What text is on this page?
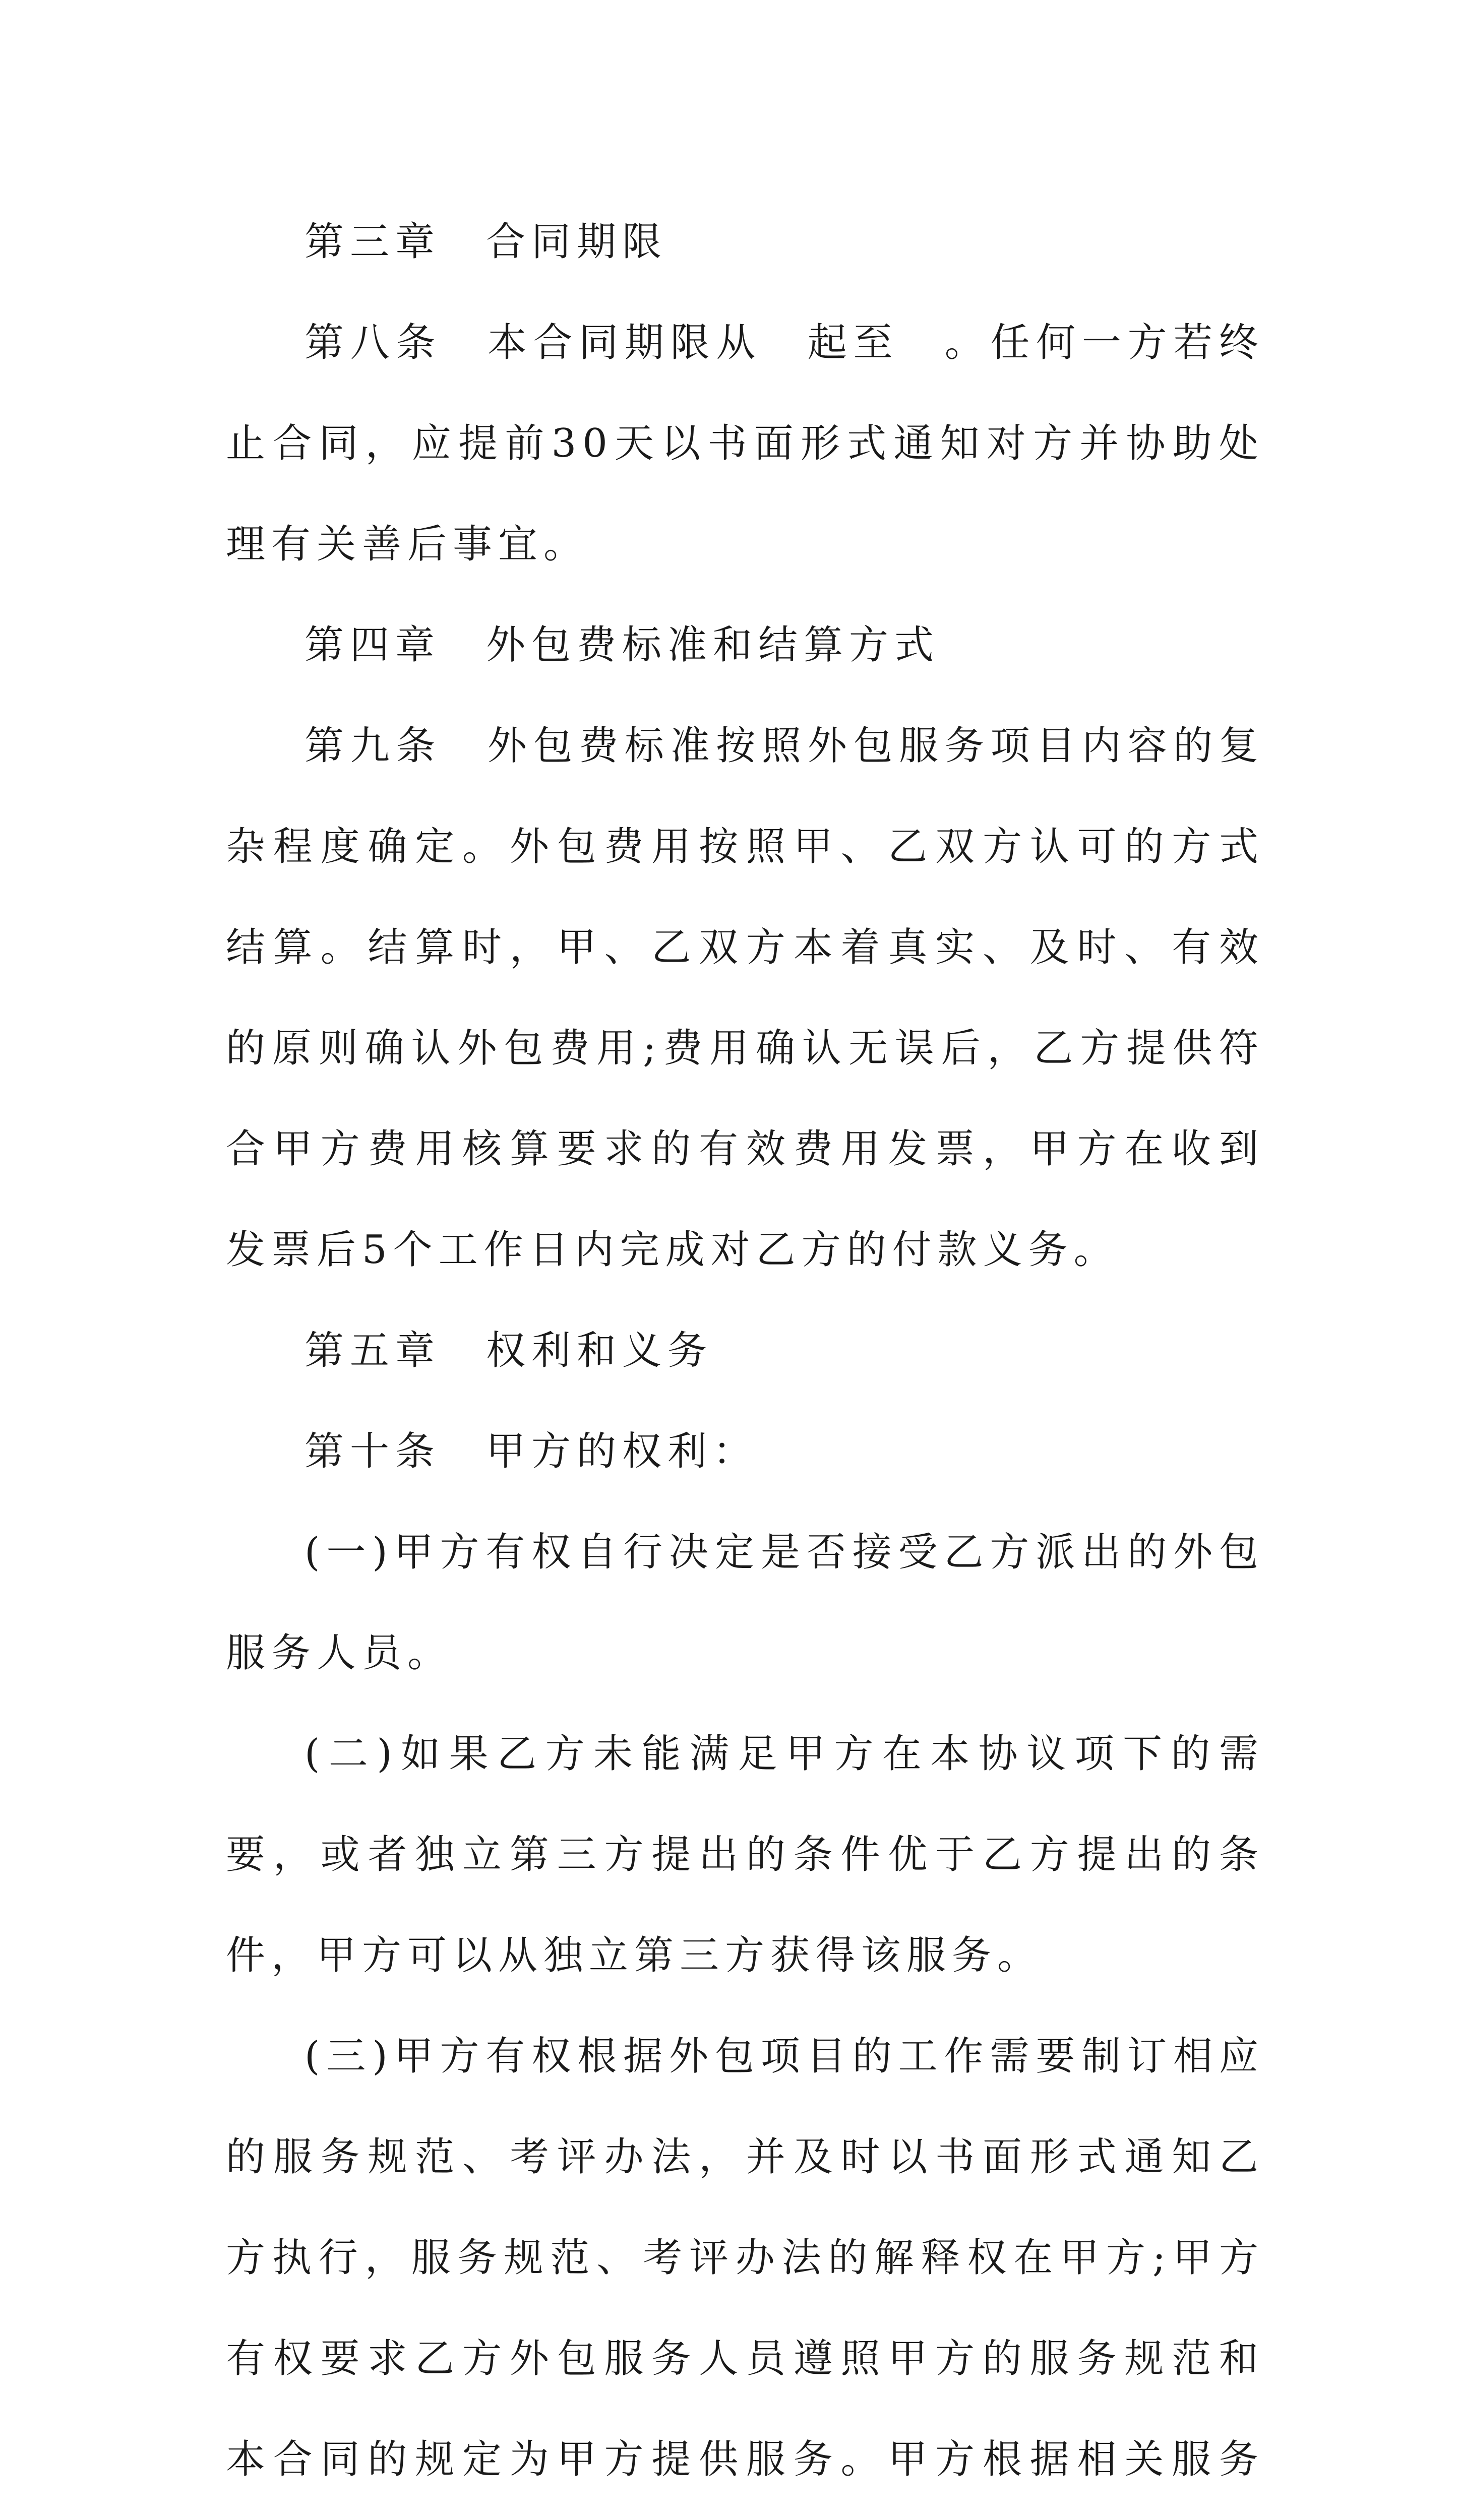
第三章　合同期限

第八条　本合同期限从　起至　。任何一方若终止合同，应提前30天以书面形式通知对方并协助处理有关善后事宜。

第四章　外包费标准和结算方式

第九条　外包费标准按照外包服务项目内容的复杂程度确定。外包费用按照甲、乙双方认可的方式结算。结算时，甲、乙双方本着真实、及时、有效的原则确认外包费用;费用确认无误后，乙方提供符合甲方费用核算要求的有效费用发票，甲方在收到发票后5个工作日内完成对乙方的付款义务。

第五章　权利和义务

第十条　甲方的权利：

(一)甲方有权自行决定是否接受乙方派出的外包服务人员。

(二)如果乙方未能满足甲方在本协议项下的需要，或者独立第三方提出的条件优于乙方提出的条件，甲方可以从独立第三方获得该服务。

(三)甲方有权根据外包项目的工作需要制订相应的服务规范、考评办法，并及时以书面形式通知乙方执行，服务规范、考评办法的解释权在甲方;甲方有权要求乙方外包服务人员遵照甲方的服务规范和本合同的规定为甲方提供服务。甲方根据相关服务
